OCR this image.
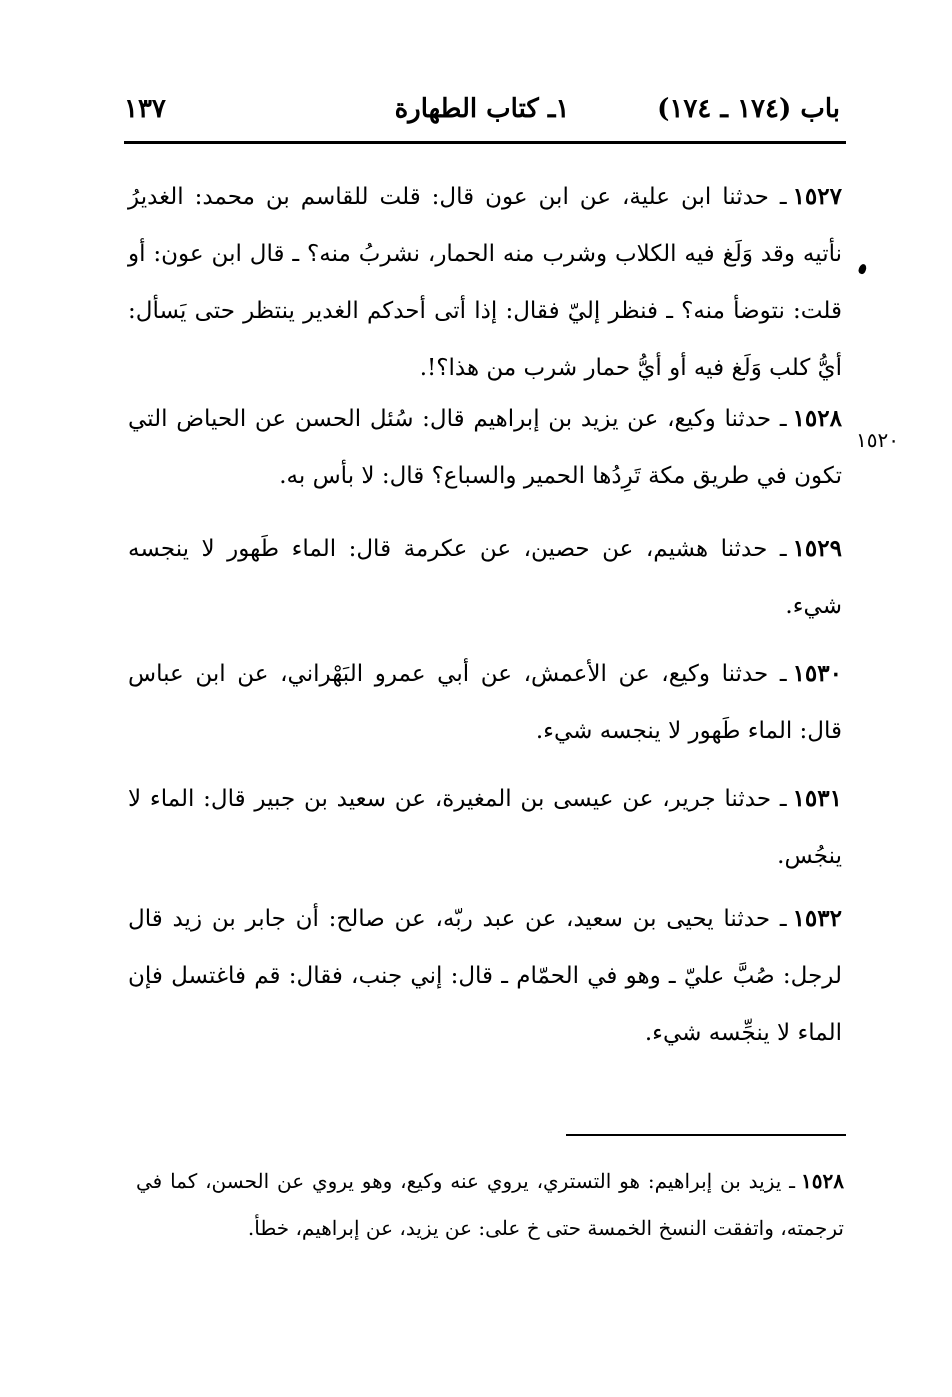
باب (١٧٤ ـ ١٧٤)
١ـ كتاب الطهارة
١٣٧
١٥٢٠
١٥٢٧ـ حدثنا ابن علية، عن ابن عون قال: قلت للقاسم بن محمد: الغديرُ نأتيه وقد وَلَغ فيه الكلاب وشرب منه الحمار، نشربُ منه؟ ـ قال ابن عون: أو قلت: نتوضأ منه؟ ـ فنظر إليّ فقال: إذا أتى أحدكم الغدير ينتظر حتى يَسأل: أيُّ كلب وَلَغ فيه أو أيُّ حمار شرب من هذا؟!.
١٥٢٨ـ حدثنا وكيع، عن يزيد بن إبراهيم قال: سُئل الحسن عن الحياض التي تكون في طريق مكة تَرِدُها الحمير والسباع؟ قال: لا بأس به.
١٥٢٩ـ حدثنا هشيم، عن حصين، عن عكرمة قال: الماء طَهور لا ينجسه شيء.
١٥٣٠ـ حدثنا وكيع، عن الأعمش، عن أبي عمرو البَهْراني، عن ابن عباس قال: الماء طَهور لا ينجسه شيء.
١٥٣١ـ حدثنا جرير، عن عيسى بن المغيرة، عن سعيد بن جبير قال: الماء لا ينجُس.
١٥٣٢ـ حدثنا يحيى بن سعيد، عن عبد ربّه، عن صالح: أن جابر بن زيد قال لرجل: صُبَّ عليّ ـ وهو في الحمّام ـ قال: إني جنب، فقال: قم فاغتسل فإن الماء لا ينجِّسه شيء.
١٥٢٨ـ يزيد بن إبراهيم: هو التستري، يروي عنه وكيع، وهو يروي عن الحسن، كما في ترجمته، واتفقت النسخ الخمسة حتى خ على: عن يزيد، عن إبراهيم، خطأ.
